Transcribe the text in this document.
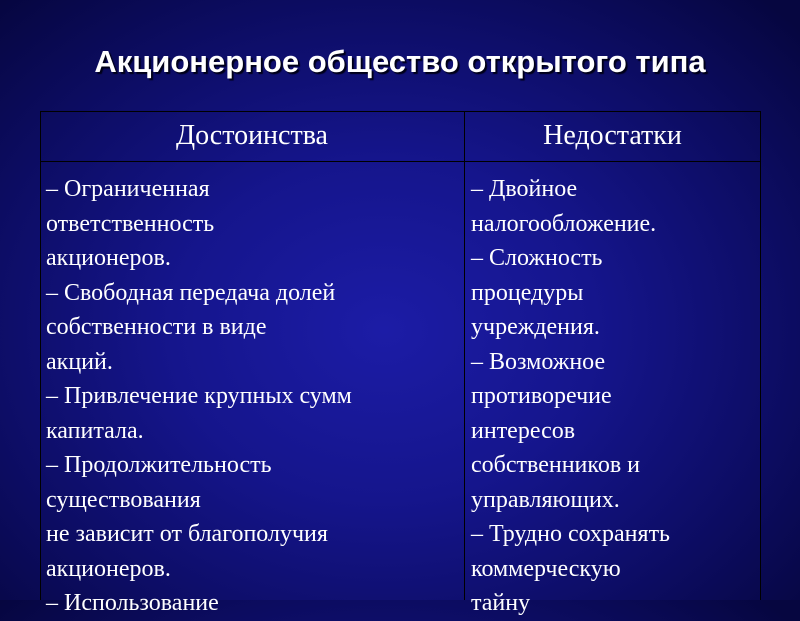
Акционерное общество открытого типа
Достоинства	Недостатки
– Ограниченная
ответственность
акционеров.
– Свободная передача долей
собственности в виде
акций.
– Привлечение крупных сумм
капитала.
– Продолжительность
существования
не зависит от благополучия
акционеров.
– Использование
– Двойное
налогообложение.
– Сложность
процедуры
учреждения.
– Возможное
противоречие
интересов
собственников и
управляющих.
– Трудно сохранять
коммерческую
тайну
